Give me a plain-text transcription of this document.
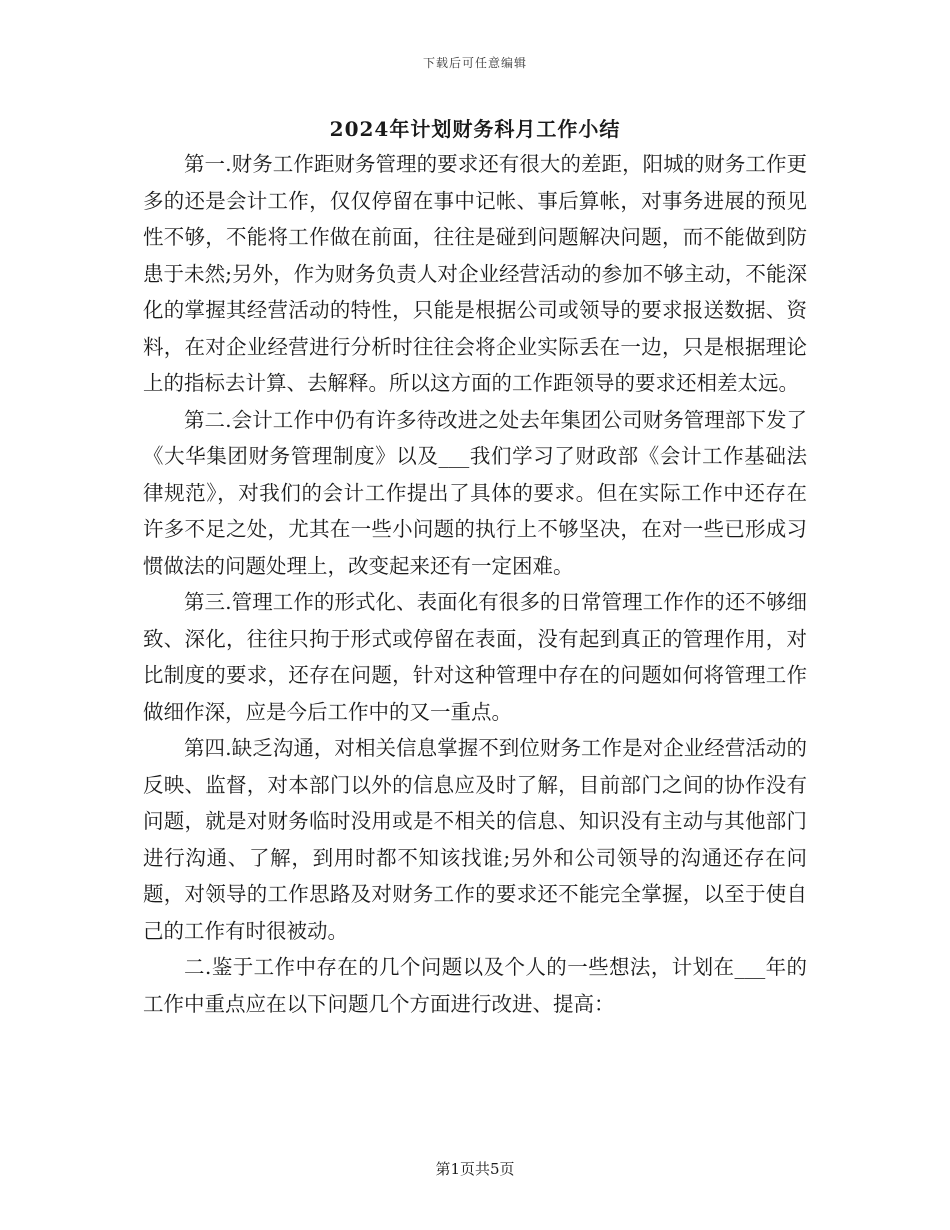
下载后可任意编辑
2024年计划财务科月工作小结

第一.财务工作距财务管理的要求还有很大的差距，阳城的财务工作更多的还是会计工作，仅仅停留在事中记帐、事后算帐，对事务进展的预见性不够，不能将工作做在前面，往往是碰到问题解决问题，而不能做到防患于未然;另外，作为财务负责人对企业经营活动的参加不够主动，不能深化的掌握其经营活动的特性，只能是根据公司或领导的要求报送数据、资料，在对企业经营进行分析时往往会将企业实际丢在一边，只是根据理论上的指标去计算、去解释。所以这方面的工作距领导的要求还相差太远。

第二.会计工作中仍有许多待改进之处去年集团公司财务管理部下发了《大华集团财务管理制度》以及___我们学习了财政部《会计工作基础法律规范》，对我们的会计工作提出了具体的要求。但在实际工作中还存在许多不足之处，尤其在一些小问题的执行上不够坚决，在对一些已形成习惯做法的问题处理上，改变起来还有一定困难。

第三.管理工作的形式化、表面化有很多的日常管理工作作的还不够细致、深化，往往只拘于形式或停留在表面，没有起到真正的管理作用，对比制度的要求，还存在问题，针对这种管理中存在的问题如何将管理工作做细作深，应是今后工作中的又一重点。

第四.缺乏沟通，对相关信息掌握不到位财务工作是对企业经营活动的反映、监督，对本部门以外的信息应及时了解，目前部门之间的协作没有问题，就是对财务临时没用或是不相关的信息、知识没有主动与其他部门进行沟通、了解，到用时都不知该找谁;另外和公司领导的沟通还存在问题，对领导的工作思路及对财务工作的要求还不能完全掌握，以至于使自己的工作有时很被动。

二.鉴于工作中存在的几个问题以及个人的一些想法，计划在___年的工作中重点应在以下问题几个方面进行改进、提高：

第1页共5页
